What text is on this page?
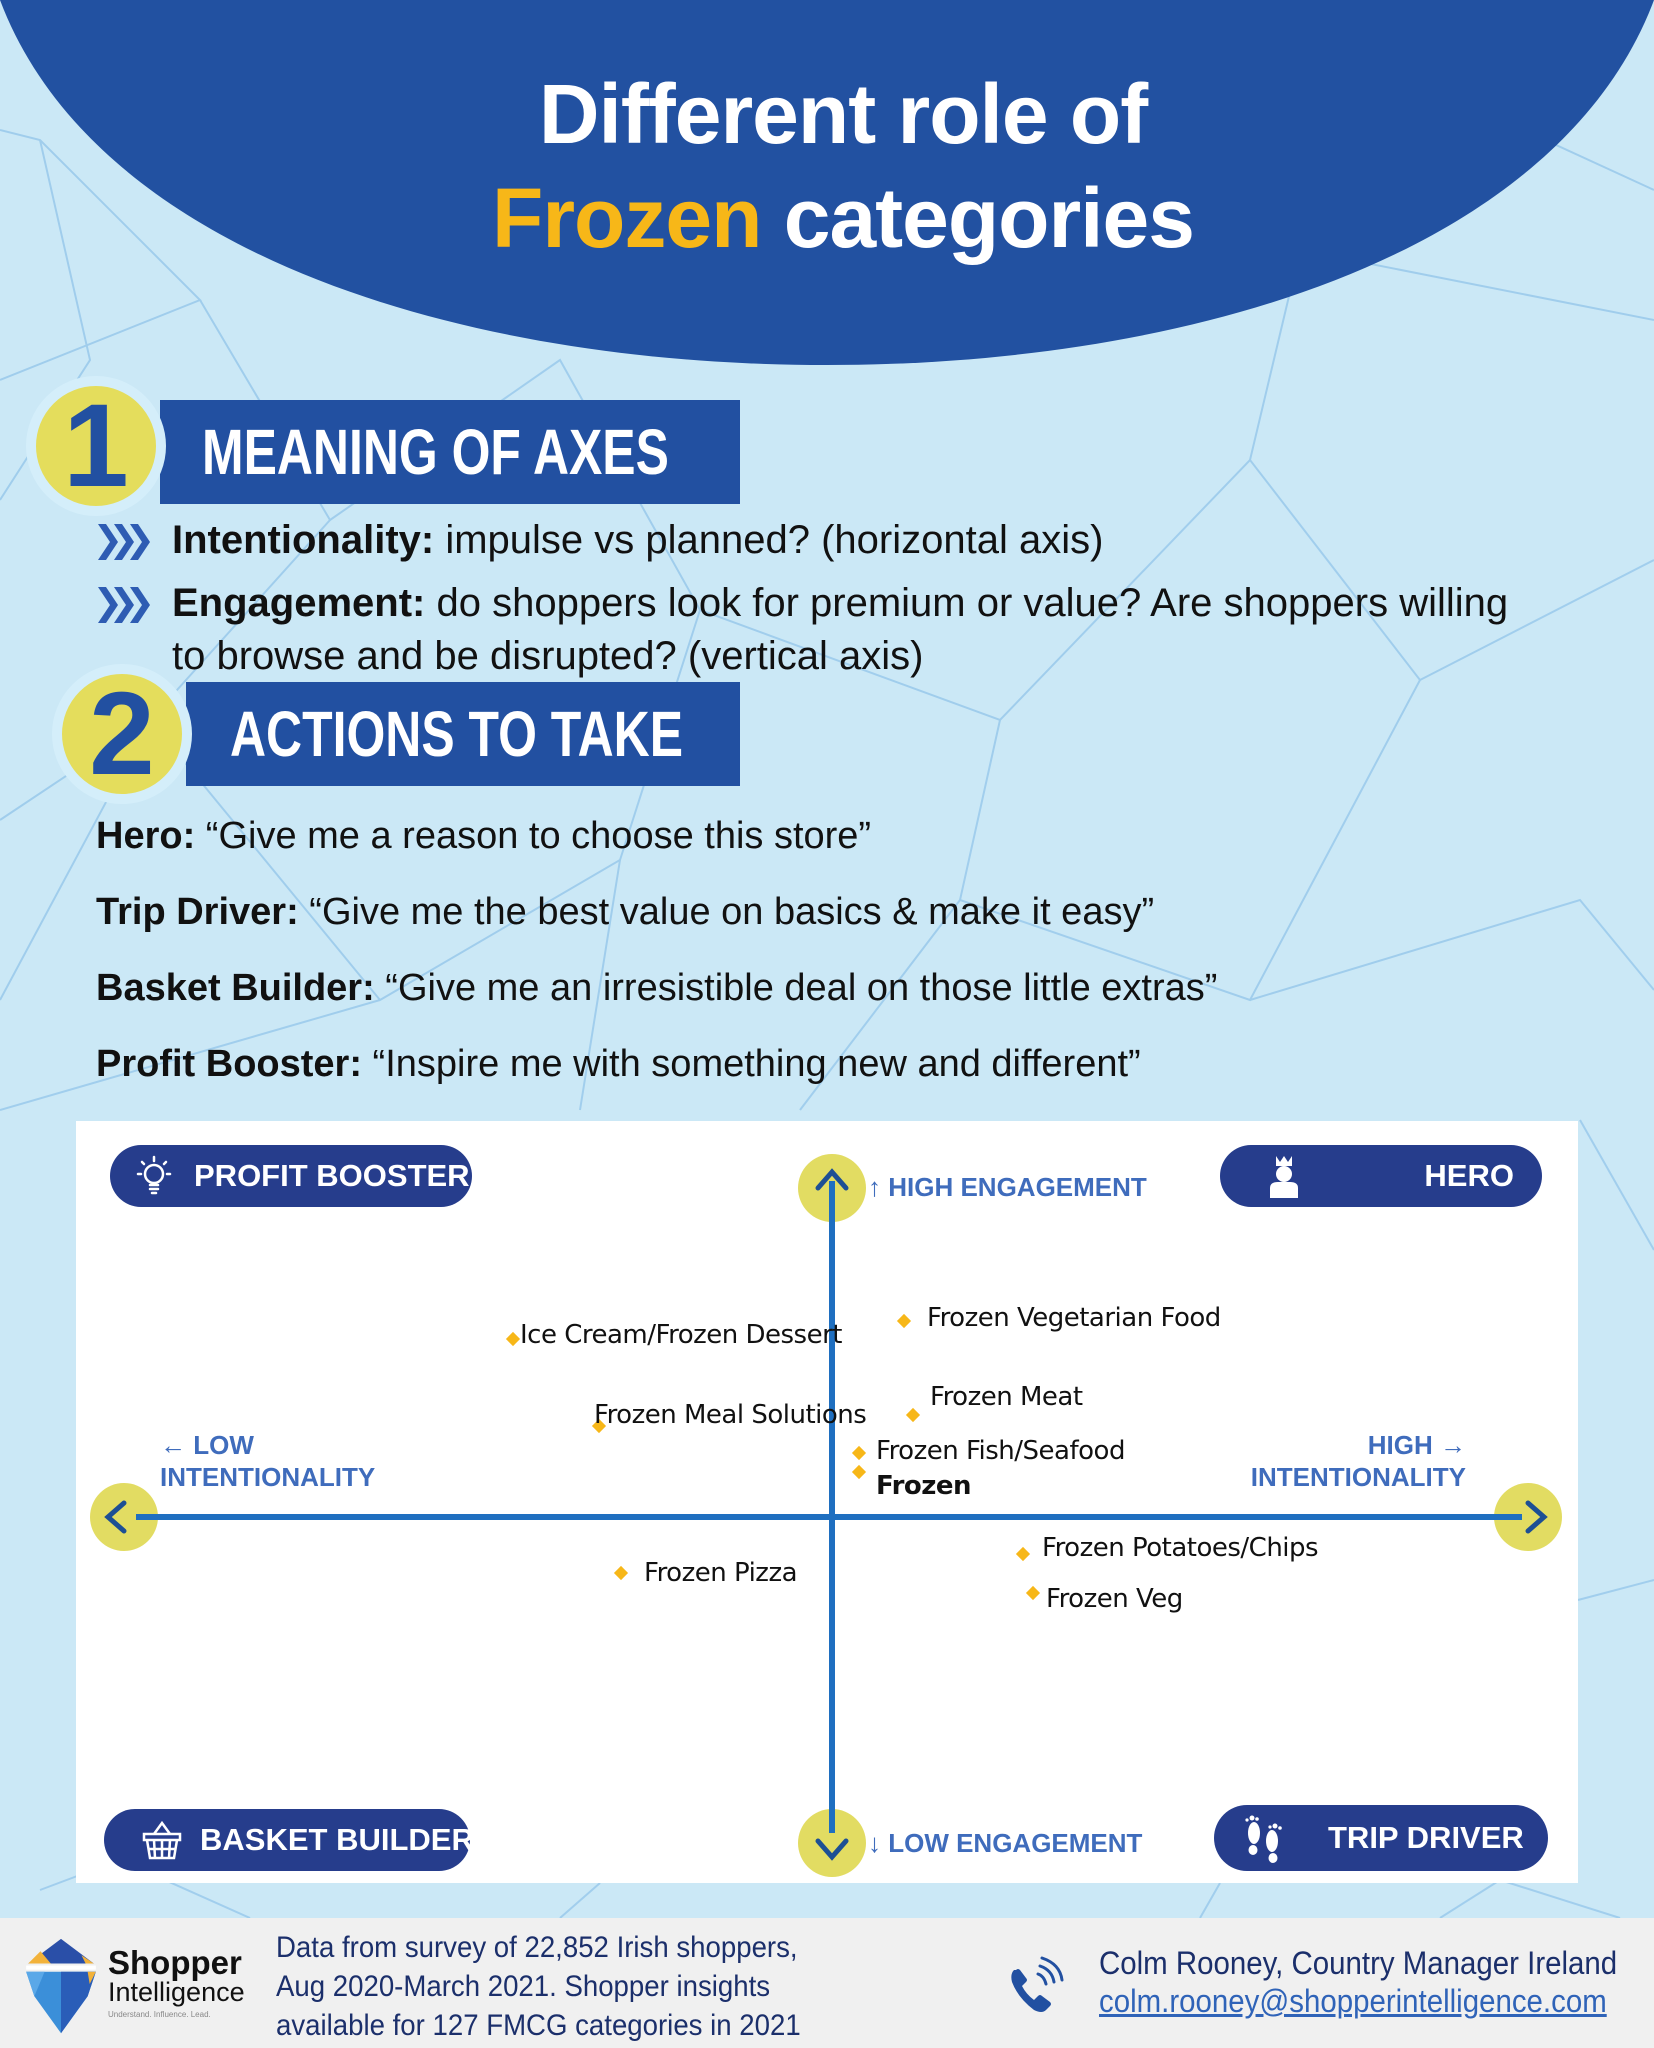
Different role of
Frozen categories
MEANING OF AXES
1
Intentionality: impulse vs planned? (horizontal axis)
Engagement: do shoppers look for premium or value? Are shoppers willing
to browse and be disrupted? (vertical axis)
ACTIONS TO TAKE
2
Hero: “Give me a reason to choose this store”
Trip Driver: “Give me the best value on basics & make it easy”
Basket Builder: “Give me an irresistible deal on those little extras”
Profit Booster: “Inspire me with something new and different”
↑ HIGH ENGAGEMENT
↓ LOW ENGAGEMENT
← LOW
INTENTIONALITY
HIGH →
INTENTIONALITY
PROFIT BOOSTER	HERO
BASKET BUILDER	TRIP DRIVER
Ice Cream/Frozen Dessert
Frozen Vegetarian Food
Frozen Meat
Frozen Meal Solutions
Frozen Fish/Seafood
Frozen
Frozen Potatoes/Chips
Frozen Pizza
Frozen Veg
Shopper
Intelligence
Understand. Influence. Lead.
Data from survey of 22,852 Irish shoppers,
Aug 2020-March 2021. Shopper insights
available for 127 FMCG categories in 2021
Colm Rooney, Country Manager Ireland
colm.rooney@shopperintelligence.com
